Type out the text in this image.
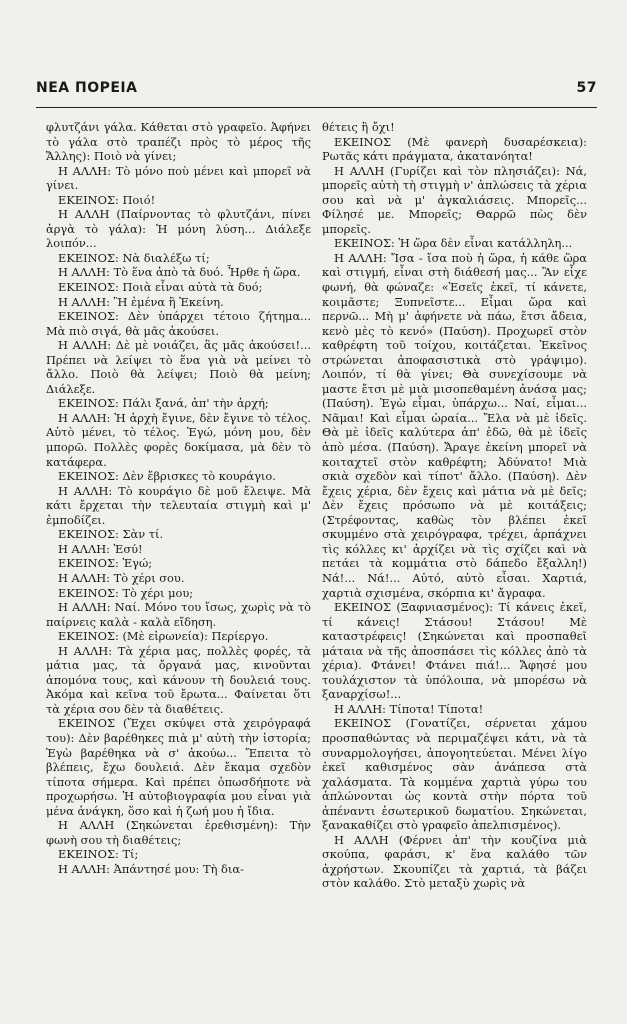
ΝΕΑ ΠΟΡΕΙΑ	57

φλυτζάνι γάλα. Κάθεται στὸ γραφεῖο. Ἀφήνει τὸ γάλα στὸ τραπέζι πρὸς τὸ μέρος τῆς Ἄλλης): Ποιὸ νὰ γίνει;

Η ΑΛΛΗ: Τὸ μόνο ποὺ μένει καὶ μπορεῖ νὰ γίνει.

ΕΚΕΙΝΟΣ: Ποιό!

Η ΑΛΛΗ (Παίρνοντας τὸ φλυτζάνι, πίνει ἀργὰ τὸ γάλα): Ἡ μόνη λύση... Διάλεξε λοιπόν...

ΕΚΕΙΝΟΣ: Νὰ διαλέξω τί;

Η ΑΛΛΗ: Τὸ ἕνα ἀπὸ τὰ δυό. Ἦρθε ἡ ὥρα.

ΕΚΕΙΝΟΣ: Ποιὰ εἶναι αὐτὰ τὰ δυό;

Η ΑΛΛΗ: Ἢ ἐμένα ἢ Ἐκείνη.

ΕΚΕΙΝΟΣ: Δὲν ὑπάρχει τέτοιο ζήτημα... Μὰ πιὸ σιγά, θὰ μᾶς ἀκούσει.

Η ΑΛΛΗ: Δὲ μὲ νοιάζει, ἂς μᾶς ἀκούσει!... Πρέπει νὰ λείψει τὸ ἕνα γιὰ νὰ μείνει τὸ ἄλλο. Ποιὸ θὰ λείψει; Ποιὸ θὰ μείνη; Διάλεξε.

ΕΚΕΙΝΟΣ: Πάλι ξανά, ἀπ' τὴν ἀρχή;

Η ΑΛΛΗ: Ἡ ἀρχὴ ἔγινε, δὲν ἔγινε τὸ τέλος. Αὐτὸ μένει, τὸ τέλος. Ἐγώ, μόνη μου, δὲν μπορῶ. Πολλὲς φορὲς δοκίμασα, μὰ δὲν τὸ κατάφερα.

ΕΚΕΙΝΟΣ: Δὲν ἔβρισκες τὸ κουράγιο.

Η ΑΛΛΗ: Τὸ κουράγιο δὲ μοῦ ἔλειψε. Μὰ κάτι ἔρχεται τὴν τελευταία στιγμὴ καὶ μ' ἐμποδίζει.

ΕΚΕΙΝΟΣ: Σὰν τί.

Η ΑΛΛΗ: Ἐσύ!

ΕΚΕΙΝΟΣ: Ἐγώ;

Η ΑΛΛΗ: Τὸ χέρι σου.

ΕΚΕΙΝΟΣ: Τὸ χέρι μου;

Η ΑΛΛΗ: Ναί. Μόνο του ἴσως, χωρὶς νὰ τὸ παίρνεις καλὰ - καλὰ εἴδηση.

ΕΚΕΙΝΟΣ: (Μὲ εἰρωνεία): Περίεργο.

Η ΑΛΛΗ: Τὰ χέρια μας, πολλὲς φορές, τὰ μάτια μας, τὰ ὄργανά μας, κινοῦνται ἀπομόνα τους, καὶ κάνουν τὴ δουλειά τους. Ἀκόμα καὶ κεῖνα τοῦ ἔρωτα... Φαίνεται ὅτι τὰ χέρια σου δὲν τὰ διαθέτεις.

ΕΚΕΙΝΟΣ (Ἔχει σκύψει στὰ χειρόγραφά του): Δὲν βαρέθηκες πιὰ μ' αὐτὴ τὴν ἱστορία; Ἐγὼ βαρέθηκα νὰ σ' ἀκούω... Ἔπειτα τὸ βλέπεις, ἔχω δουλειά. Δὲν ἔκαμα σχεδὸν τίποτα σήμερα. Καὶ πρέπει ὁπωσδήποτε νὰ προχωρήσω. Ἡ αὐτοβιογραφία μου εἶναι γιὰ μένα ἀνάγκη, ὅσο καὶ ἡ ζωή μου ἡ ἴδια.

Η ΑΛΛΗ (Σηκώνεται ἐρεθισμένη): Τὴν φωνὴ σου τὴ διαθέτεις;

ΕΚΕΙΝΟΣ: Τί;

Η ΑΛΛΗ: Ἀπάντησέ μου: Τὴ δια-

θέτεις ἢ ὄχι!

ΕΚΕΙΝΟΣ (Μὲ φανερὴ δυσαρέσκεια): Ρωτᾶς κάτι πράγματα, ἀκατανόητα!

Η ΑΛΛΗ (Γυρίζει καὶ τὸν πλησιάζει): Νά, μπορεῖς αὐτὴ τὴ στιγμὴ ν' ἁπλώσεις τὰ χέρια σου καὶ νὰ μ' ἀγκαλιάσεις. Μπορεῖς... Φίλησέ με. Μπορεῖς; Θαρρῶ πὼς δὲν μπορεῖς.

ΕΚΕΙΝΟΣ: Ἡ ὥρα δὲν εἶναι κατάλληλη...

Η ΑΛΛΗ: Ἴσα - ἴσα ποὺ ἡ ὥρα, ἡ κάθε ὥρα καὶ στιγμή, εἶναι στὴ διάθεσή μας... Ἂν εἶχε φωνή, θὰ φώναζε: «Ἐσεῖς ἐκεῖ, τί κάνετε, κοιμᾶστε; Ξυπνεῖστε... Εἶμαι ὥρα καὶ περνῶ... Μὴ μ' ἀφήνετε νὰ πάω, ἔτσι ἄδεια, κενὸ μὲς τὸ κενό» (Παύση). Προχωρεῖ στὸν καθρέφτη τοῦ τοίχου, κοιτάζεται. Ἐκεῖνος στρώνεται ἀποφασιστικὰ στὸ γράψιμο). Λοιπόν, τί θὰ γίνει; Θὰ συνεχίσουμε νὰ μαστε ἔτσι μὲ μιὰ μισοπεθαμένη ἀνάσα μας; (Παύση). Ἐγὼ εἶμαι, ὑπάρχω... Ναί, εἶμαι... Νᾶμαι! Καὶ εἶμαι ὡραία... Ἔλα νὰ μὲ ἰδεῖς. Θὰ μὲ ἰδεῖς καλύτερα ἀπ' ἐδῶ, θὰ μὲ ἰδεῖς ἀπὸ μέσα. (Παύση). Ἄραγε ἐκείνη μπορεῖ νὰ κοιταχτεῖ στὸν καθρέφτη; Ἀδύνατο! Μιὰ σκιὰ σχεδὸν καὶ τίποτ' ἄλλο. (Παύση). Δὲν ἔχεις χέρια, δὲν ἔχεις καὶ μάτια νὰ μὲ δεῖς; Δὲν ἔχεις πρόσωπο νὰ μὲ κοιτάξεις; (Στρέφοντας, καθὼς τὸν βλέπει ἐκεῖ σκυμμένο στὰ χειρόγραφα, τρέχει, ἁρπάχνει τὶς κόλλες κι' ἀρχίζει νὰ τὶς σχίζει καὶ νὰ πετάει τὰ κομμάτια στὸ δάπεδο ἔξαλλη!) Νά!... Νά!... Αὐτό, αὐτὸ εἶσαι. Χαρτιά, χαρτιὰ σχισμένα, σκόρπια κι' ἄγραφα.

ΕΚΕΙΝΟΣ (Ξαφνιασμένος): Τί κάνεις ἐκεῖ, τί κάνεις! Στάσου! Στάσου! Μὲ καταστρέφεις! (Σηκώνεται καὶ προσπαθεῖ μάταια νὰ τῆς ἀποσπάσει τὶς κόλλες ἀπὸ τὰ χέρια). Φτάνει! Φτάνει πιά!... Ἄφησέ μου τουλάχιστον τὰ ὑπόλοιπα, νὰ μπορέσω νὰ ξαναρχίσω!...

Η ΑΛΛΗ: Τίποτα! Τίποτα!

ΕΚΕΙΝΟΣ (Γονατίζει, σέρνεται χάμου προσπαθώντας νὰ περιμαζέψει κάτι, νὰ τὰ συναρμολογήσει, ἀπογοητεύεται. Μένει λίγο ἐκεῖ καθισμένος σὰν ἀνάπεσα στὰ χαλάσματα. Τὰ κομμένα χαρτιὰ γύρω του ἁπλώνονται ὡς κοντὰ στὴν πόρτα τοῦ ἀπέναντι ἐσωτερικοῦ δωματίου. Σηκώνεται, ξανακαθίζει στὸ γραφεῖο ἀπελπισμένος).

Η ΑΛΛΗ (Φέρνει ἀπ' τὴν κουζίνα μιὰ σκούπα, φαράσι, κ' ἕνα καλάθο τῶν ἀχρήστων. Σκουπίζει τὰ χαρτιά, τὰ βάζει στὸν καλάθο. Στὸ μεταξὺ χωρὶς νὰ
